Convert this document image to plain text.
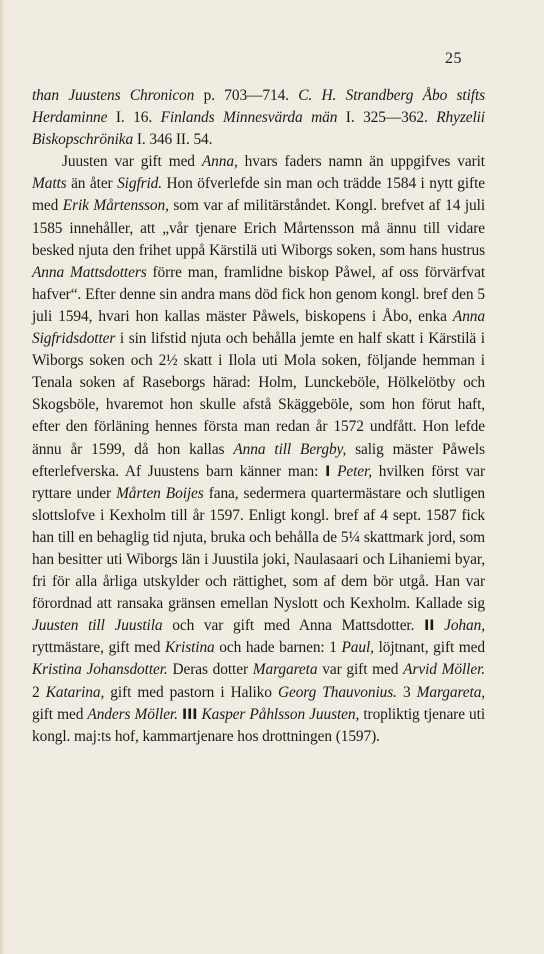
25

than Juustens Chronicon p. 703—714. C. H. Strandberg Åbo stifts Herdaminne I. 16. Finlands Minnesvärda män I. 325—362. Rhyzelii Biskopschrönika I. 346 II. 54.

Juusten var gift med Anna, hvars faders namn än uppgifves varit Matts än åter Sigfrid. Hon öfverlefde sin man och trädde 1584 i nytt gifte med Erik Mårtensson, som var af militärståndet. Kongl. brefvet af 14 juli 1585 innehåller, att „vår tjenare Erich Mårtensson må ännu till vidare besked njuta den frihet uppå Kärstilä uti Wiborgs soken, som hans hustrus Anna Mattsdotters förre man, framlidne biskop Påwel, af oss förvärfvat hafver“. Efter denne sin andra mans död fick hon genom kongl. bref den 5 juli 1594, hvari hon kallas mäster Påwels, biskopens i Åbo, enka Anna Sigfridsdotter i sin lifstid njuta och behålla jemte en half skatt i Kärstilä i Wiborgs soken och 2½ skatt i Ilola uti Mola soken, följande hemman i Tenala soken af Raseborgs härad: Holm, Lunckeböle, Hölkelötby och Skogsböle, hvaremot hon skulle afstå Skäggeböle, som hon förut haft, efter den förläning hennes första man redan år 1572 undfått. Hon lefde ännu år 1599, då hon kallas Anna till Bergby, salig mäster Påwels efterlefverska. Af Juustens barn känner man: I Peter, hvilken först var ryttare under Mårten Boijes fana, sedermera quartermästare och slutligen slottslofve i Kexholm till år 1597. Enligt kongl. bref af 4 sept. 1587 fick han till en behaglig tid njuta, bruka och behålla de 5¼ skattmark jord, som han besitter uti Wiborgs län i Juustila joki, Naulasaari och Lihaniemi byar, fri för alla årliga utskylder och rättighet, som af dem bör utgå. Han var förordnad att ransaka gränsen emellan Nyslott och Kexholm. Kallade sig Juusten till Juustila och var gift med Anna Mattsdotter. II Johan, ryttmästare, gift med Kristina och hade barnen: 1 Paul, löjtnant, gift med Kristina Johansdotter. Deras dotter Margareta var gift med Arvid Möller. 2 Katarina, gift med pastorn i Haliko Georg Thauvonius. 3 Margareta, gift med Anders Möller. III Kasper Påhlsson Juusten, tropliktig tjenare uti kongl. maj:ts hof, kammartjenare hos drottningen (1597).
